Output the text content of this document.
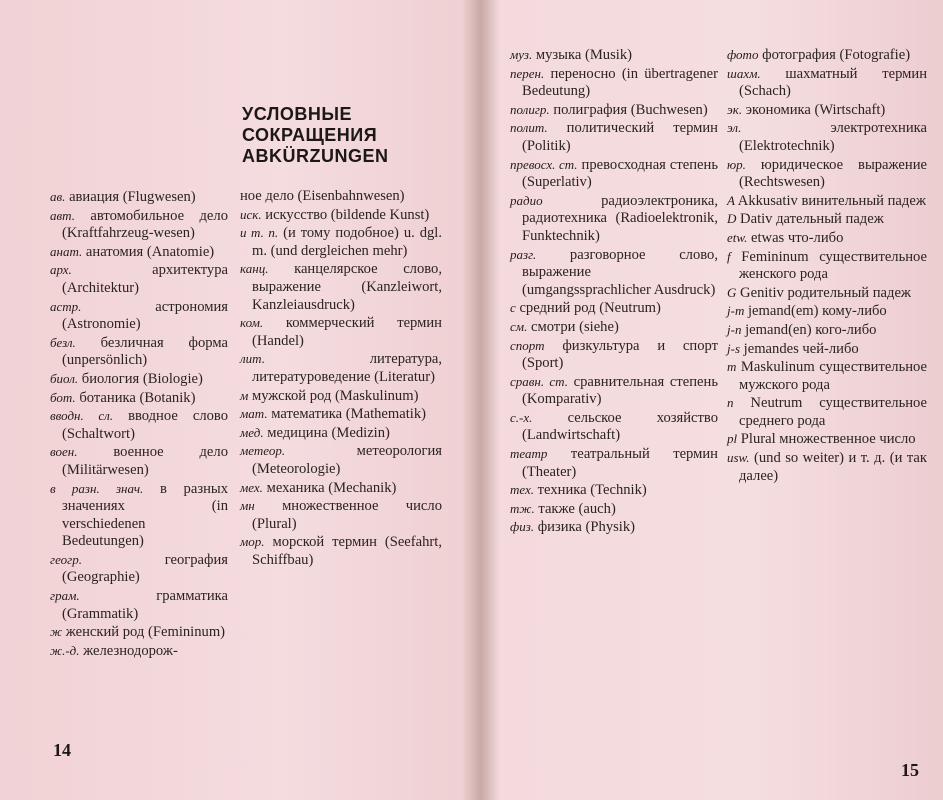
УСЛОВНЫЕ
СОКРАЩЕНИЯ
ABKÜRZUNGEN

ав. авиация (Flugwesen)

авт. автомобильное дело (Kraftfahrzeug-wesen)

анат. анатомия (Anatomie)

арх.	архитектура (Architektur)

астр.	астрономия (Astronomie)

безл. безличная форма (unpersönlich)

биол. биология (Biologie)

бот. ботаника (Botanik)

вводн. сл. вводное слово (Schaltwort)

воен. военное дело (Militärwesen)

в разн. знач. в разных значениях (in verschiedenen Bedeutungen)

геогр.	география (Geographie)

грам.	грамматика (Grammatik)

ж женский род (Femininum)

ж.-д. железнодорож-

ное дело (Eisenbahnwesen)

иск. искусство (bildende Kunst)

и т. п. (и тому подобное) u. dgl. m. (und dergleichen mehr)

канц. канцелярское слово, выражение (Kanzleiwort, Kanzleiausdruck)

ком. коммерческий термин (Handel)

лит.	литература, литературоведение (Literatur)

м мужской род (Maskulinum)

мат. математика (Mathematik)

мед. медицина (Medizin)

метеор.	метеорология (Meteorologie)

мех. механика (Mechanik)

мн множественное число (Plural)

мор. морской термин (Seefahrt, Schiffbau)

14

муз. музыка (Musik)

перен. переносно (in übertragener Bedeutung)

полигр. полиграфия (Buchwesen)

полит. политический термин (Politik)

превосх. ст. превосходная степень (Superlativ)

радио	радиоэлектроника, радиотехника (Radioelektronik, Funktechnik)

разг. разговорное слово, выражение (umgangssprachlicher Ausdruck)

с средний род (Neutrum)

см. смотри (siehe)

спорт физкультура и спорт (Sport)

сравн. ст. сравнительная степень (Komparativ)

с.-х. сельское хозяйство (Landwirtschaft)

театр театральный термин (Theater)

тех. техника (Technik)

тж. также (auch)

физ. физика (Physik)

фото фотография (Fotografie)

шахм. шахматный термин (Schach)

эк. экономика (Wirtschaft)

эл.	электротехника (Elektrotechnik)

юр. юридическое выражение (Rechtswesen)

A Akkusativ винительный падеж

D Dativ дательный падеж

etw. etwas что-либо

f Femininum существительное женского рода

G Genitiv родительный падеж

j-m jemand(em) кому-либо

j-n jemand(en) кого-либо

j-s jemandes чей-либо

m Maskulinum существительное мужского рода

n Neutrum существительное среднего рода

pl Plural множественное число

usw. (und so weiter) и т. д. (и так далее)

15
